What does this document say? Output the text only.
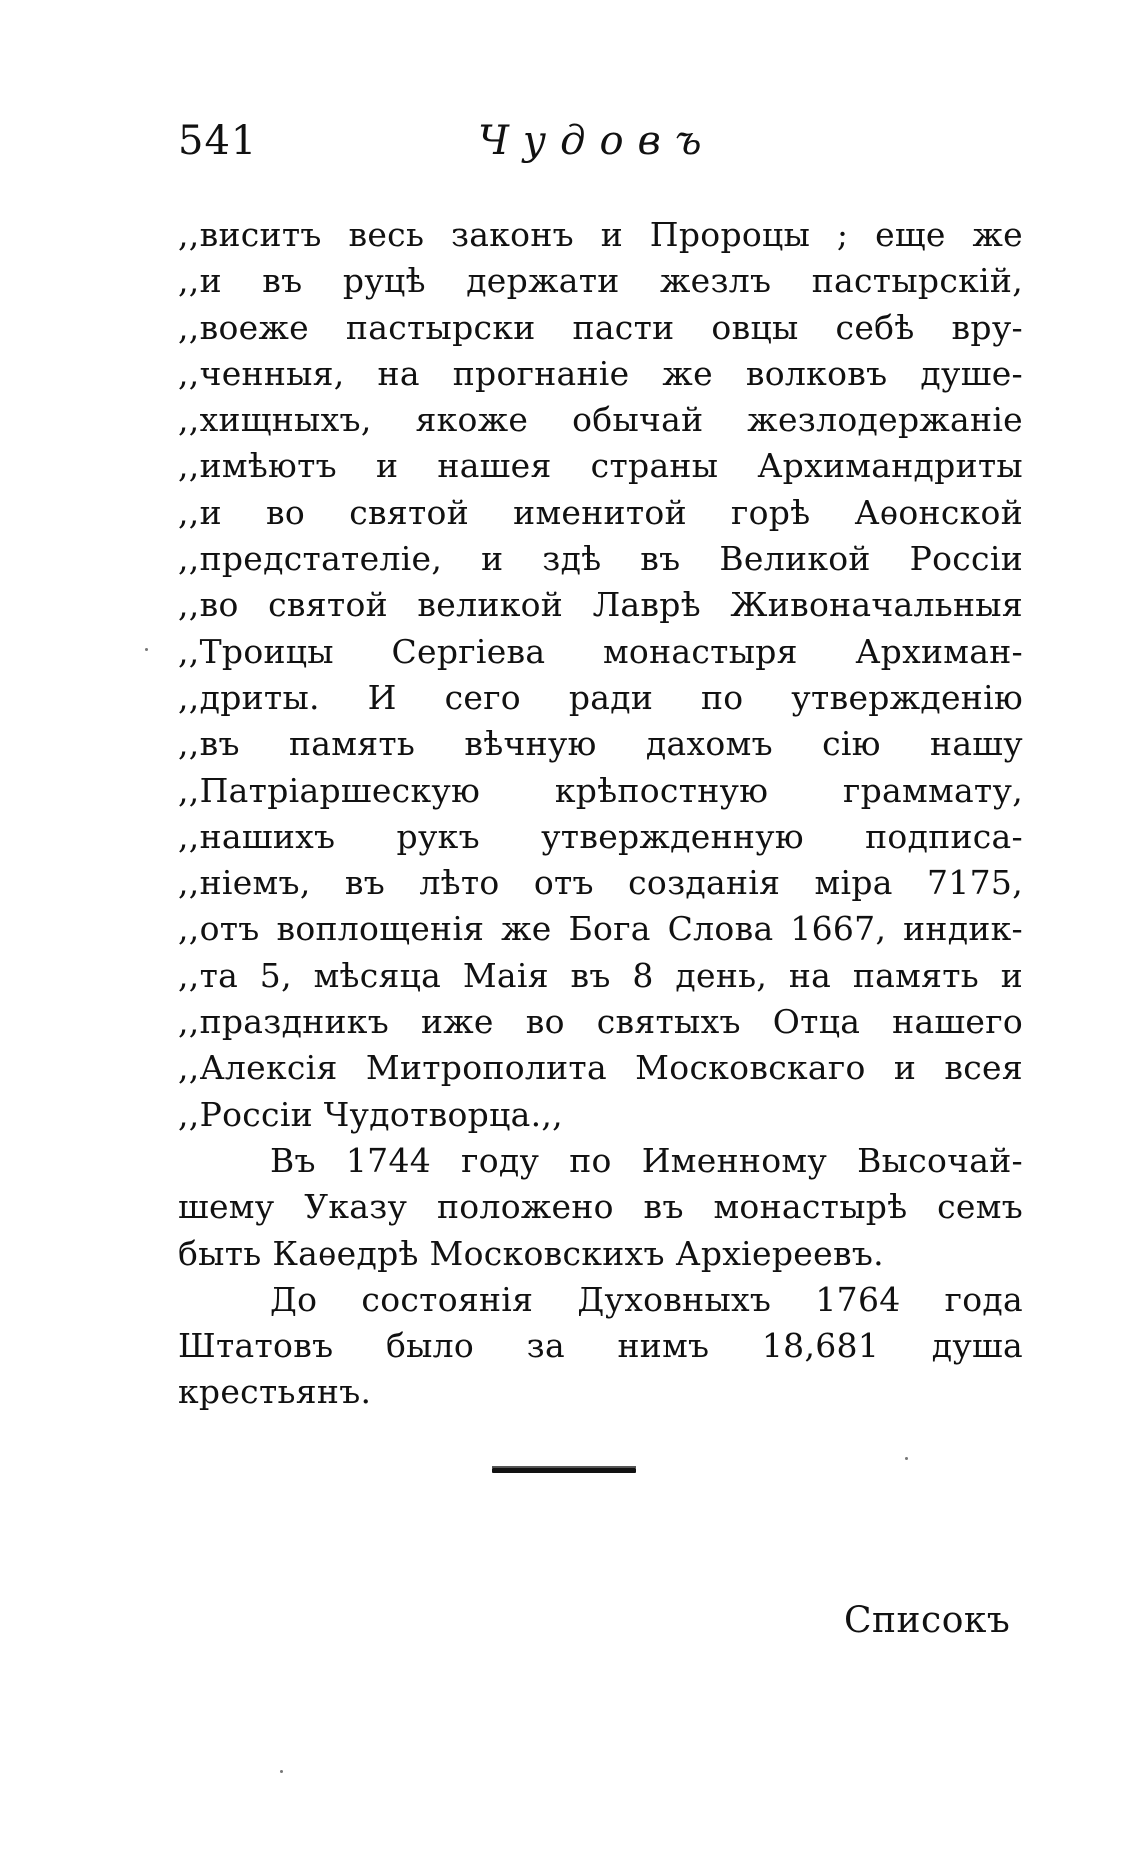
541	Чудовъ
,,виситъ весь законъ и Пророцы ; еще же
,,и въ руцѣ держати жезлъ пастырскій,
,,воеже пастырски пасти овцы себѣ вру-
,,ченныя, на прогнаніе же волковъ душе-
,,хищныхъ, якоже обычай жезлодержаніе
,,имѣютъ и нашея страны Архимандриты
,,и во святой именитой горѣ Аѳонской
,,предстателіе, и здѣ въ Великой Россіи
,,во святой великой Лаврѣ Живоначальныя
,,Троицы Сергіева монастыря Архиман-
,,дриты. И сего ради по утвержденію
,,въ память вѣчную дахомъ сію нашу
,,Патріаршескую крѣпостную граммату,
,,нашихъ рукъ утвержденную подписа-
,,ніемъ, въ лѣто отъ созданія міра 7175,
,,отъ воплощенія же Бога Слова 1667, индик-
,,та 5, мѣсяца Маія въ 8 день, на память и
,,праздникъ иже во святыхъ Отца нашего
,,Алексія Митрополита Московскаго и всея
,,Россіи Чудотворца.,,
Въ 1744 году по Именному Высочай-
шему Указу положено въ монастырѣ семъ
быть Каѳедрѣ Московскихъ Архіереевъ.
До состоянія Духовныхъ 1764 года
Штатовъ было за нимъ 18,681 душа
крестьянъ.
Списокъ
